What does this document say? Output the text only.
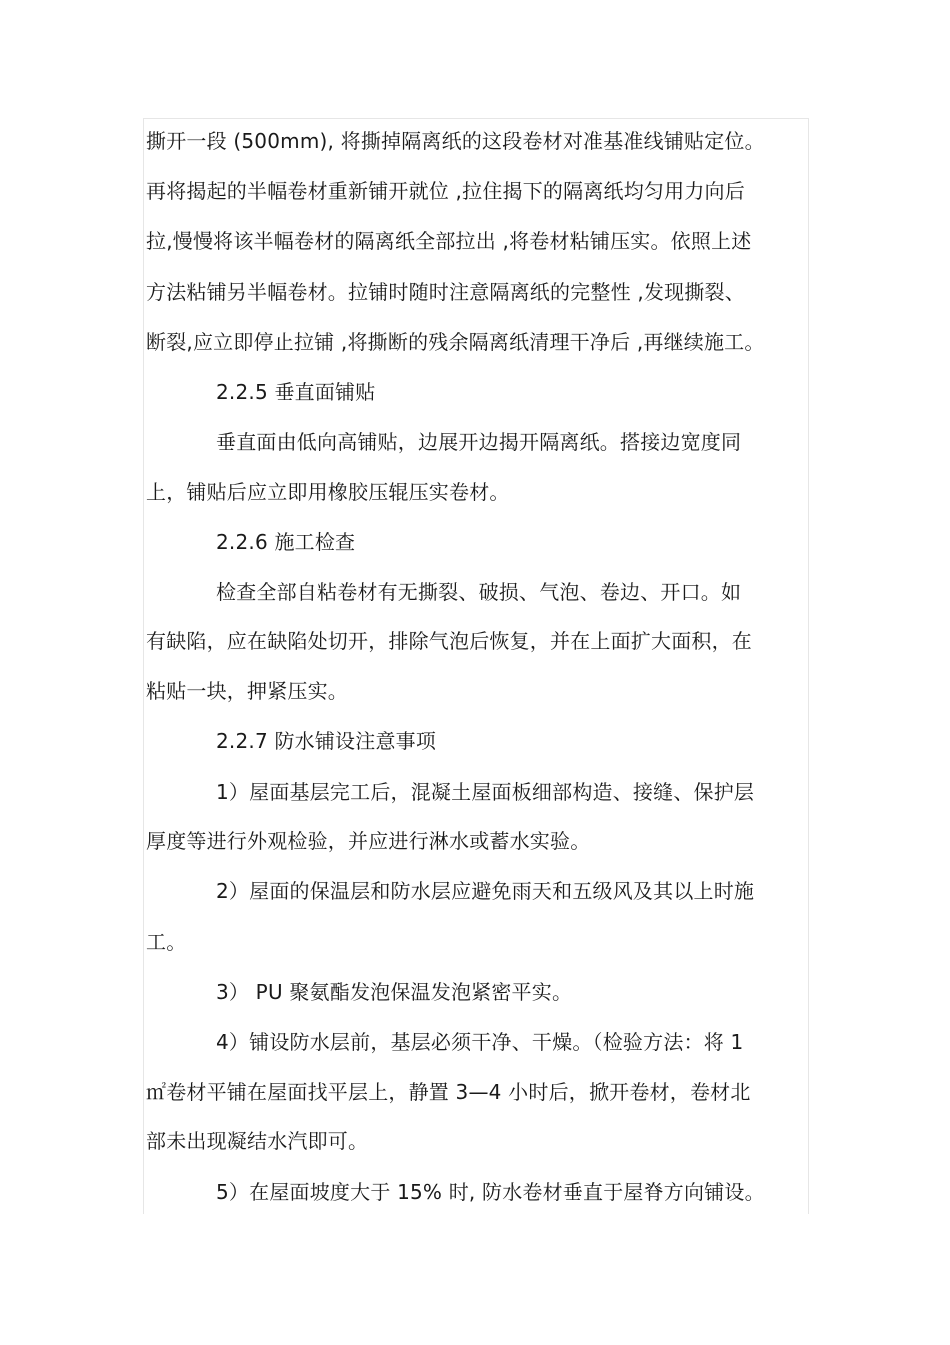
撕开一段 (500mm), 将撕掉隔离纸的这段卷材对准基准线铺贴定位。
再将揭起的半幅卷材重新铺开就位 ,拉住揭下的隔离纸均匀用力向后
拉,慢慢将该半幅卷材的隔离纸全部拉出 ,将卷材粘铺压实。依照上述
方法粘铺另半幅卷材。拉铺时随时注意隔离纸的完整性 ,发现撕裂、
断裂,应立即停止拉铺 ,将撕断的残余隔离纸清理干净后 ,再继续施工。
2.2.5 垂直面铺贴
垂直面由低向高铺贴，边展开边揭开隔离纸。搭接边宽度同
上，铺贴后应立即用橡胶压辊压实卷材。
2.2.6 施工检查
检查全部自粘卷材有无撕裂、破损、气泡、卷边、开口。如
有缺陷，应在缺陷处切开，排除气泡后恢复，并在上面扩大面积，在
粘贴一块，押紧压实。
2.2.7 防水铺设注意事项
1）屋面基层完工后，混凝土屋面板细部构造、接缝、保护层
厚度等进行外观检验，并应进行淋水或蓄水实验。
2）屋面的保温层和防水层应避免雨天和五级风及其以上时施
工。
3） PU 聚氨酯发泡保温发泡紧密平实。
4）铺设防水层前，基层必须干净、干燥。（检验方法：将 1
㎡卷材平铺在屋面找平层上，静置 3—4 小时后，掀开卷材，卷材北
部未出现凝结水汽即可。
5）在屋面坡度大于 15% 时, 防水卷材垂直于屋脊方向铺设。
